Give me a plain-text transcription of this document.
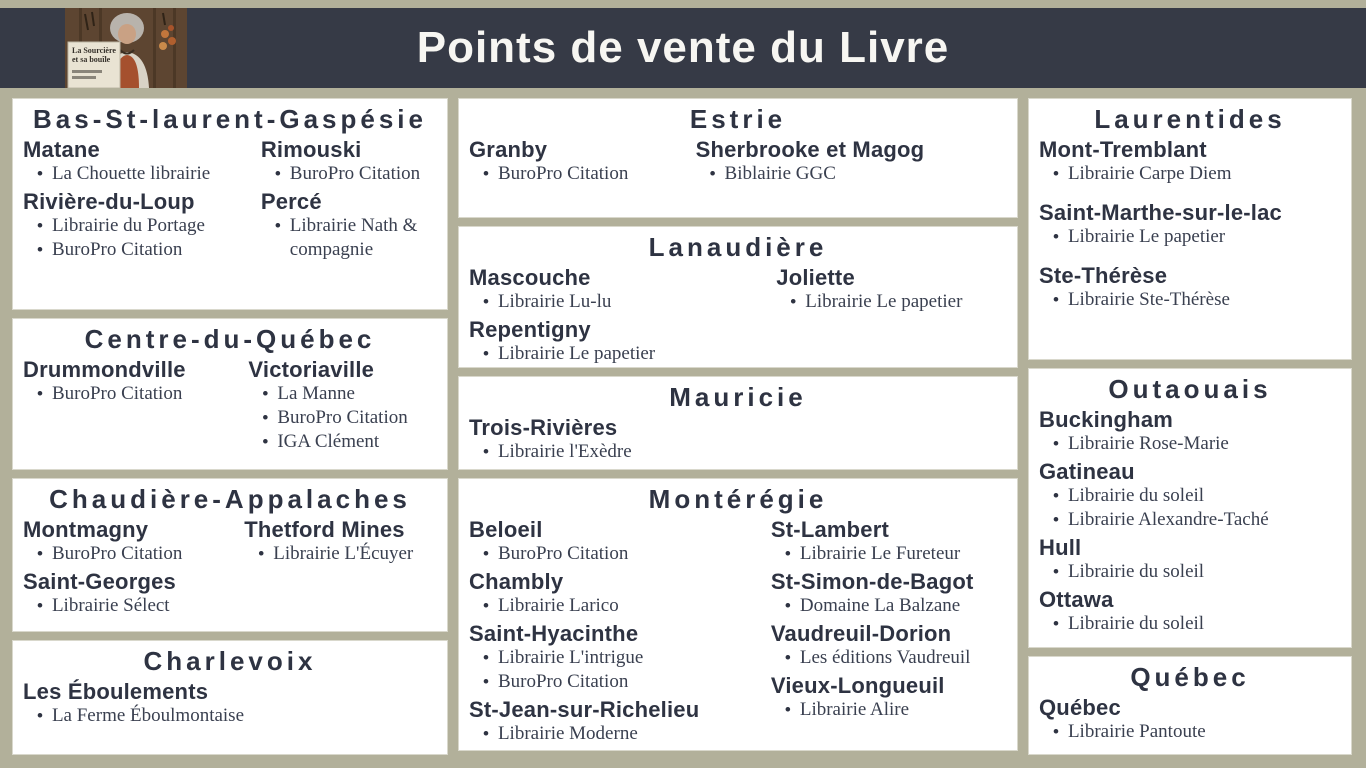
La Sourcière
et sa bouîle	Points de vente du Livre
Bas-St-laurent-Gaspésie
Matane
• La Chouette librairie
Rivière-du-Loup
• Librairie du Portage
• BuroPro Citation
Rimouski
• BuroPro Citation
Percé
• Librairie Nath & compagnie
Centre-du-Québec
Drummondville
• BuroPro Citation
Victoriaville
• La Manne
• BuroPro Citation
• IGA Clément
Chaudière-Appalaches
Montmagny
• BuroPro Citation
Saint-Georges
• Librairie Sélect
Thetford Mines
• Librairie L'Écuyer
Charlevoix
Les Éboulements
• La Ferme Éboulmontaise
Estrie
Granby
• BuroPro Citation
Sherbrooke et Magog
• Biblairie GGC
Lanaudière
Mascouche
• Librairie Lu-lu
Repentigny
• Librairie Le papetier
Joliette
• Librairie Le papetier
Mauricie
Trois-Rivières
• Librairie l'Exèdre
Montérégie
Beloeil
• BuroPro Citation
Chambly
• Librairie Larico
Saint-Hyacinthe
• Librairie L'intrigue
• BuroPro Citation
St-Jean-sur-Richelieu
• Librairie Moderne
St-Lambert
• Librairie Le Fureteur
St-Simon-de-Bagot
• Domaine La Balzane
Vaudreuil-Dorion
• Les éditions Vaudreuil
Vieux-Longueuil
• Librairie Alire
Laurentides
Mont-Tremblant
• Librairie Carpe Diem
Saint-Marthe-sur-le-lac
• Librairie Le papetier
Ste-Thérèse
• Librairie Ste-Thérèse
Outaouais
Buckingham
• Librairie Rose-Marie
Gatineau
• Librairie du soleil
• Librairie Alexandre-Taché
Hull
• Librairie du soleil
Ottawa
• Librairie du soleil
Québec
Québec
• Librairie Pantoute
